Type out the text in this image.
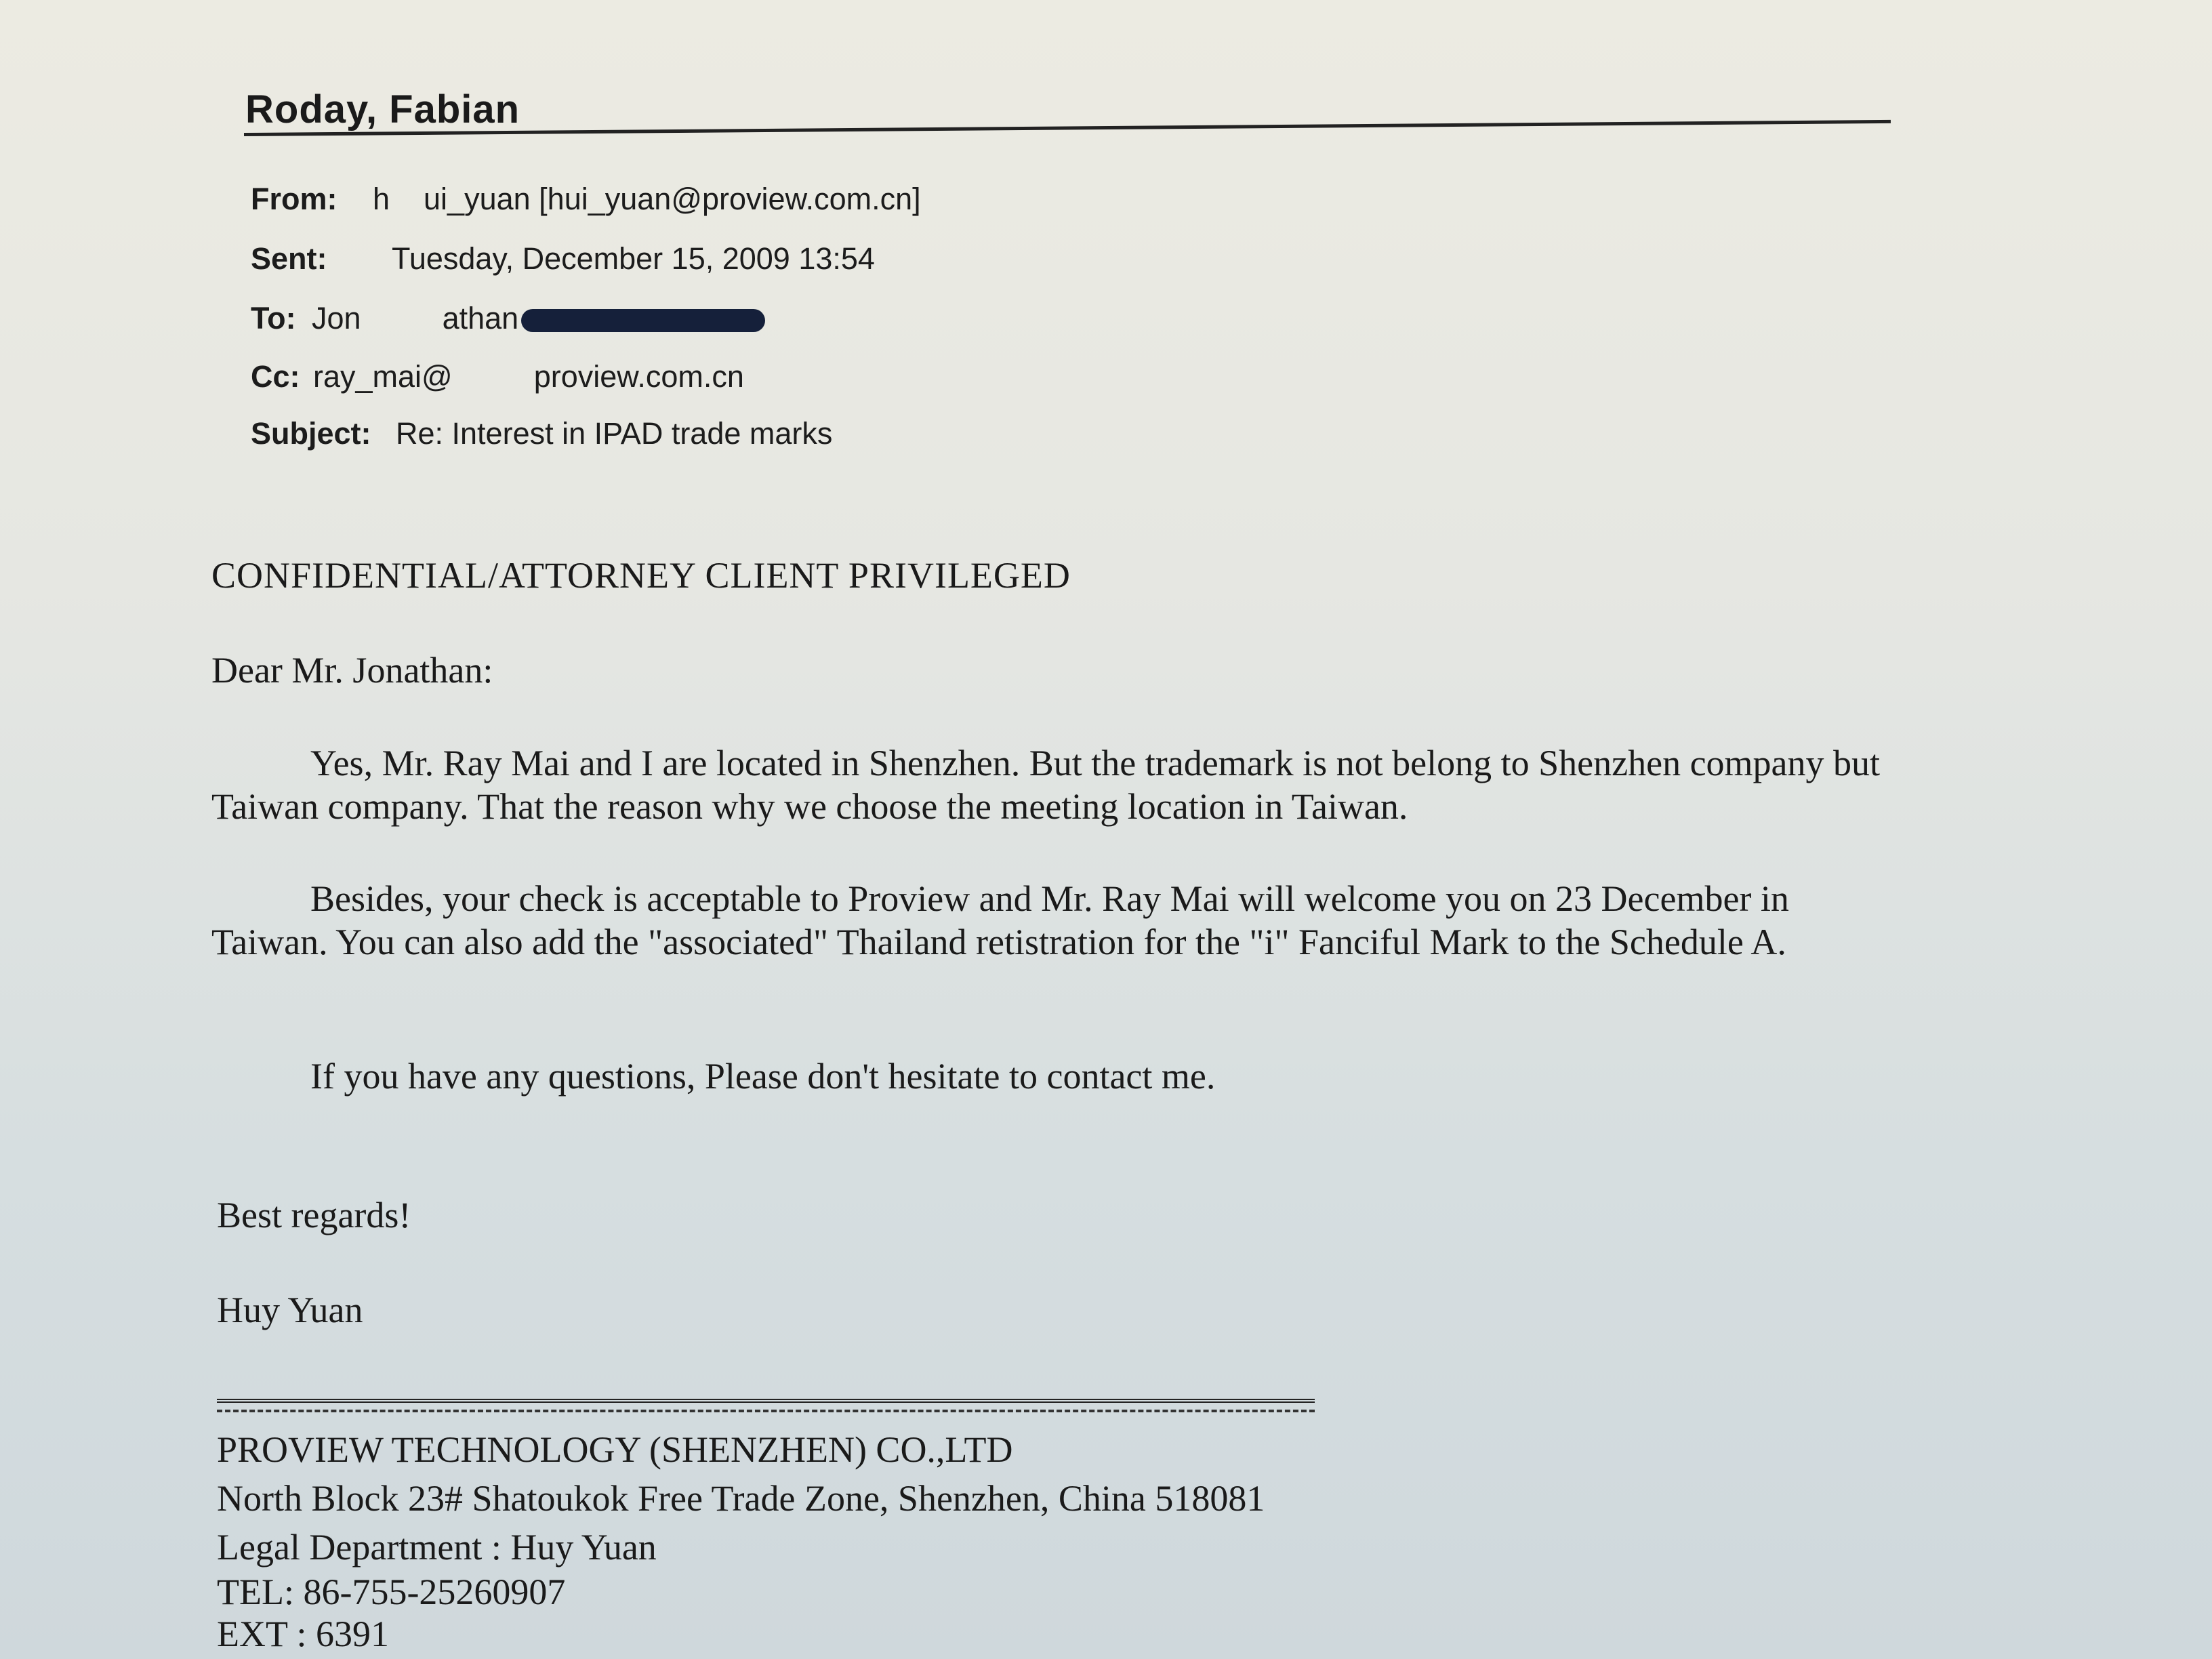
Roday, Fabian
From: h ui_yuan [hui_yuan@proview.com.cn]
Sent: Tuesday, December 15, 2009 13:54
To: Jon	athan
Cc: ray_mai@	proview.com.cn
Subject: Re: Interest in IPAD trade marks
CONFIDENTIAL/ATTORNEY CLIENT PRIVILEGED
Dear Mr. Jonathan:
Yes, Mr. Ray Mai and I are located in Shenzhen. But the trademark is not belong to Shenzhen company but Taiwan company. That the reason why we choose the meeting location in Taiwan.
Besides, your check is acceptable to Proview and Mr. Ray Mai will welcome you on 23 December in Taiwan. You can also add the "associated" Thailand retistration for the "i" Fanciful Mark to the Schedule A.
If you have any questions, Please don't hesitate to contact me.
Best regards!
Huy Yuan
PROVIEW TECHNOLOGY (SHENZHEN) CO.,LTD
North Block 23# Shatoukok Free Trade Zone, Shenzhen, China 518081
Legal Department : Huy Yuan
TEL: 86-755-25260907
EXT : 6391
